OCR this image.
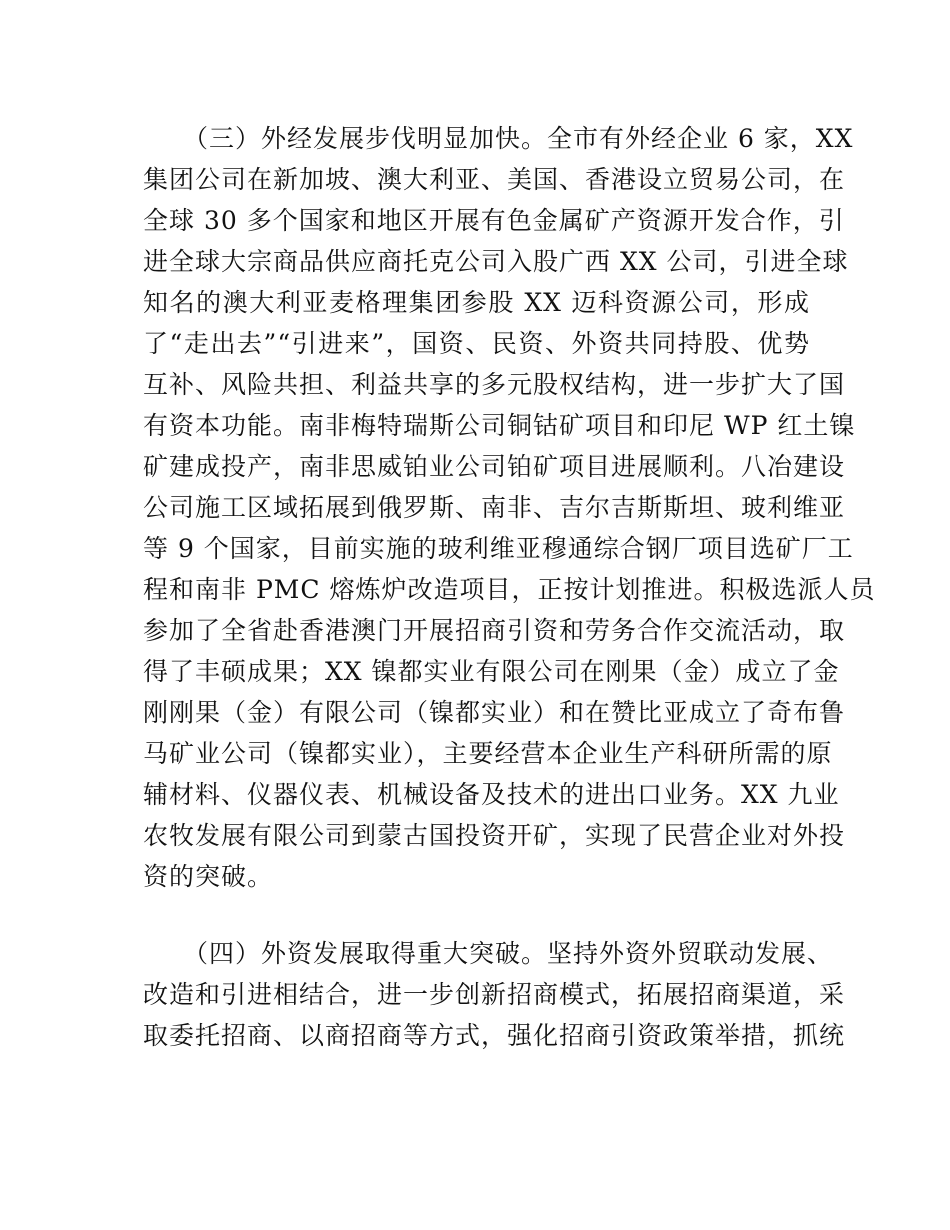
（三）外经发展步伐明显加快。全市有外经企业 6 家，XX
集团公司在新加坡、澳大利亚、美国、香港设立贸易公司，在
全球 30 多个国家和地区开展有色金属矿产资源开发合作，引
进全球大宗商品供应商托克公司入股广西 XX 公司，引进全球
知名的澳大利亚麦格理集团参股 XX 迈科资源公司，形成
了“走出去”“引进来”，国资、民资、外资共同持股、优势
互补、风险共担、利益共享的多元股权结构，进一步扩大了国
有资本功能。南非梅特瑞斯公司铜钴矿项目和印尼 WP 红土镍
矿建成投产，南非思威铂业公司铂矿项目进展顺利。八冶建设
公司施工区域拓展到俄罗斯、南非、吉尔吉斯斯坦、玻利维亚
等 9 个国家，目前实施的玻利维亚穆通综合钢厂项目选矿厂工
程和南非 PMC 熔炼炉改造项目，正按计划推进。积极选派人员
参加了全省赴香港澳门开展招商引资和劳务合作交流活动，取
得了丰硕成果；XX 镍都实业有限公司在刚果（金）成立了金
刚刚果（金）有限公司（镍都实业）和在赞比亚成立了奇布鲁
马矿业公司（镍都实业），主要经营本企业生产科研所需的原
辅材料、仪器仪表、机械设备及技术的进出口业务。XX 九业
农牧发展有限公司到蒙古国投资开矿，实现了民营企业对外投
资的突破。
（四）外资发展取得重大突破。坚持外资外贸联动发展、
改造和引进相结合，进一步创新招商模式，拓展招商渠道，采
取委托招商、以商招商等方式，强化招商引资政策举措，抓统
